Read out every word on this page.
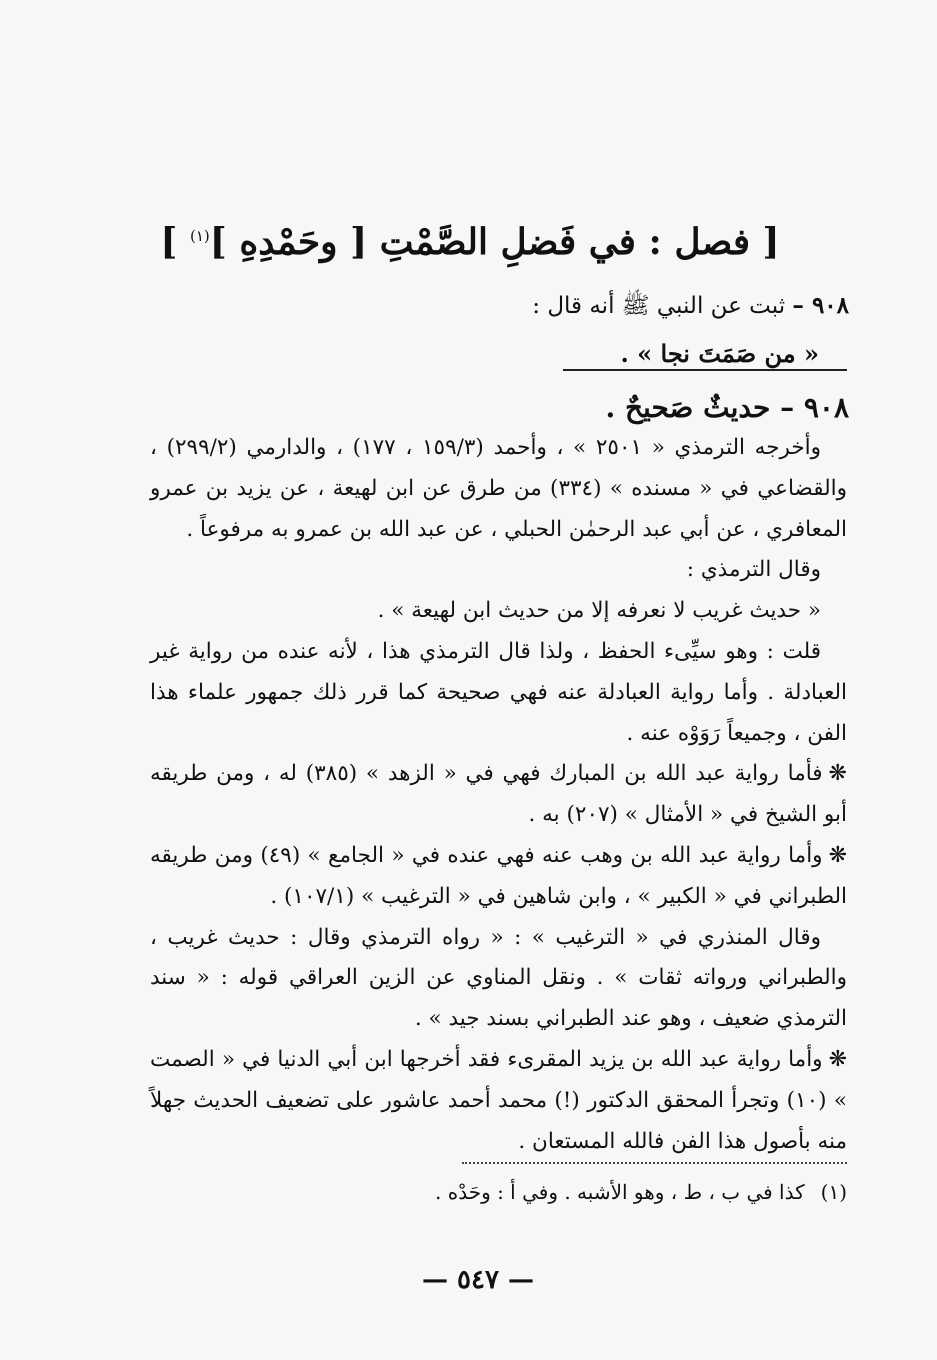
[ فصل : في فَضلِ الصَّمْتِ [ وحَمْدِهِ ]$^{(١)}$ ]
٩٠٨ – ثبت عن النبي ﷺ أنه قال :
« من صَمَتَ نجا » .
٩٠٨ – حديثٌ صَحيحٌ .

وأخرجه الترمذي « ٢٥٠١ » ، وأحمد (١٥٩/٣ ، ١٧٧) ، والدارمي (٢٩٩/٢) ، والقضاعي في « مسنده » (٣٣٤) من طرق عن ابن لهيعة ، عن يزيد بن عمرو المعافري ، عن أبي عبد الرحمٰن الحبلي ، عن عبد الله بن عمرو به مرفوعاً .

وقال الترمذي :

« حديث غريب لا نعرفه إلا من حديث ابن لهيعة » .

قلت : وهو سيِّىء الحفظ ، ولذا قال الترمذي هذا ، لأنه عنده من رواية غير العبادلة . وأما رواية العبادلة عنه فهي صحيحة كما قرر ذلك جمهور علماء هذا الفن ، وجميعاً رَوَوْه عنه .

❋فأما رواية عبد الله بن المبارك فهي في « الزهد » (٣٨٥) له ، ومن طريقه أبو الشيخ في « الأمثال » (٢٠٧) به .

❋وأما رواية عبد الله بن وهب عنه فهي عنده في « الجامع » (٤٩) ومن طريقه الطبراني في « الكبير » ، وابن شاهين في « الترغيب » (١٠٧/١) .

وقال المنذري في « الترغيب » : « رواه الترمذي وقال : حديث غريب ، والطبراني ورواته ثقات » . ونقل المناوي عن الزين العراقي قوله : « سند الترمذي ضعيف ، وهو عند الطبراني بسند جيد » .

❋وأما رواية عبد الله بن يزيد المقرىء فقد أخرجها ابن أبي الدنيا في « الصمت » (١٠) وتجرأ المحقق الدكتور (!) محمد أحمد عاشور على تضعيف الحديث جهلاً منه بأصول هذا الفن فالله المستعان .

(١)كذا في ب ، ط ، وهو الأشبه . وفي أ : وحَدْه .
— ٥٤٧ —
